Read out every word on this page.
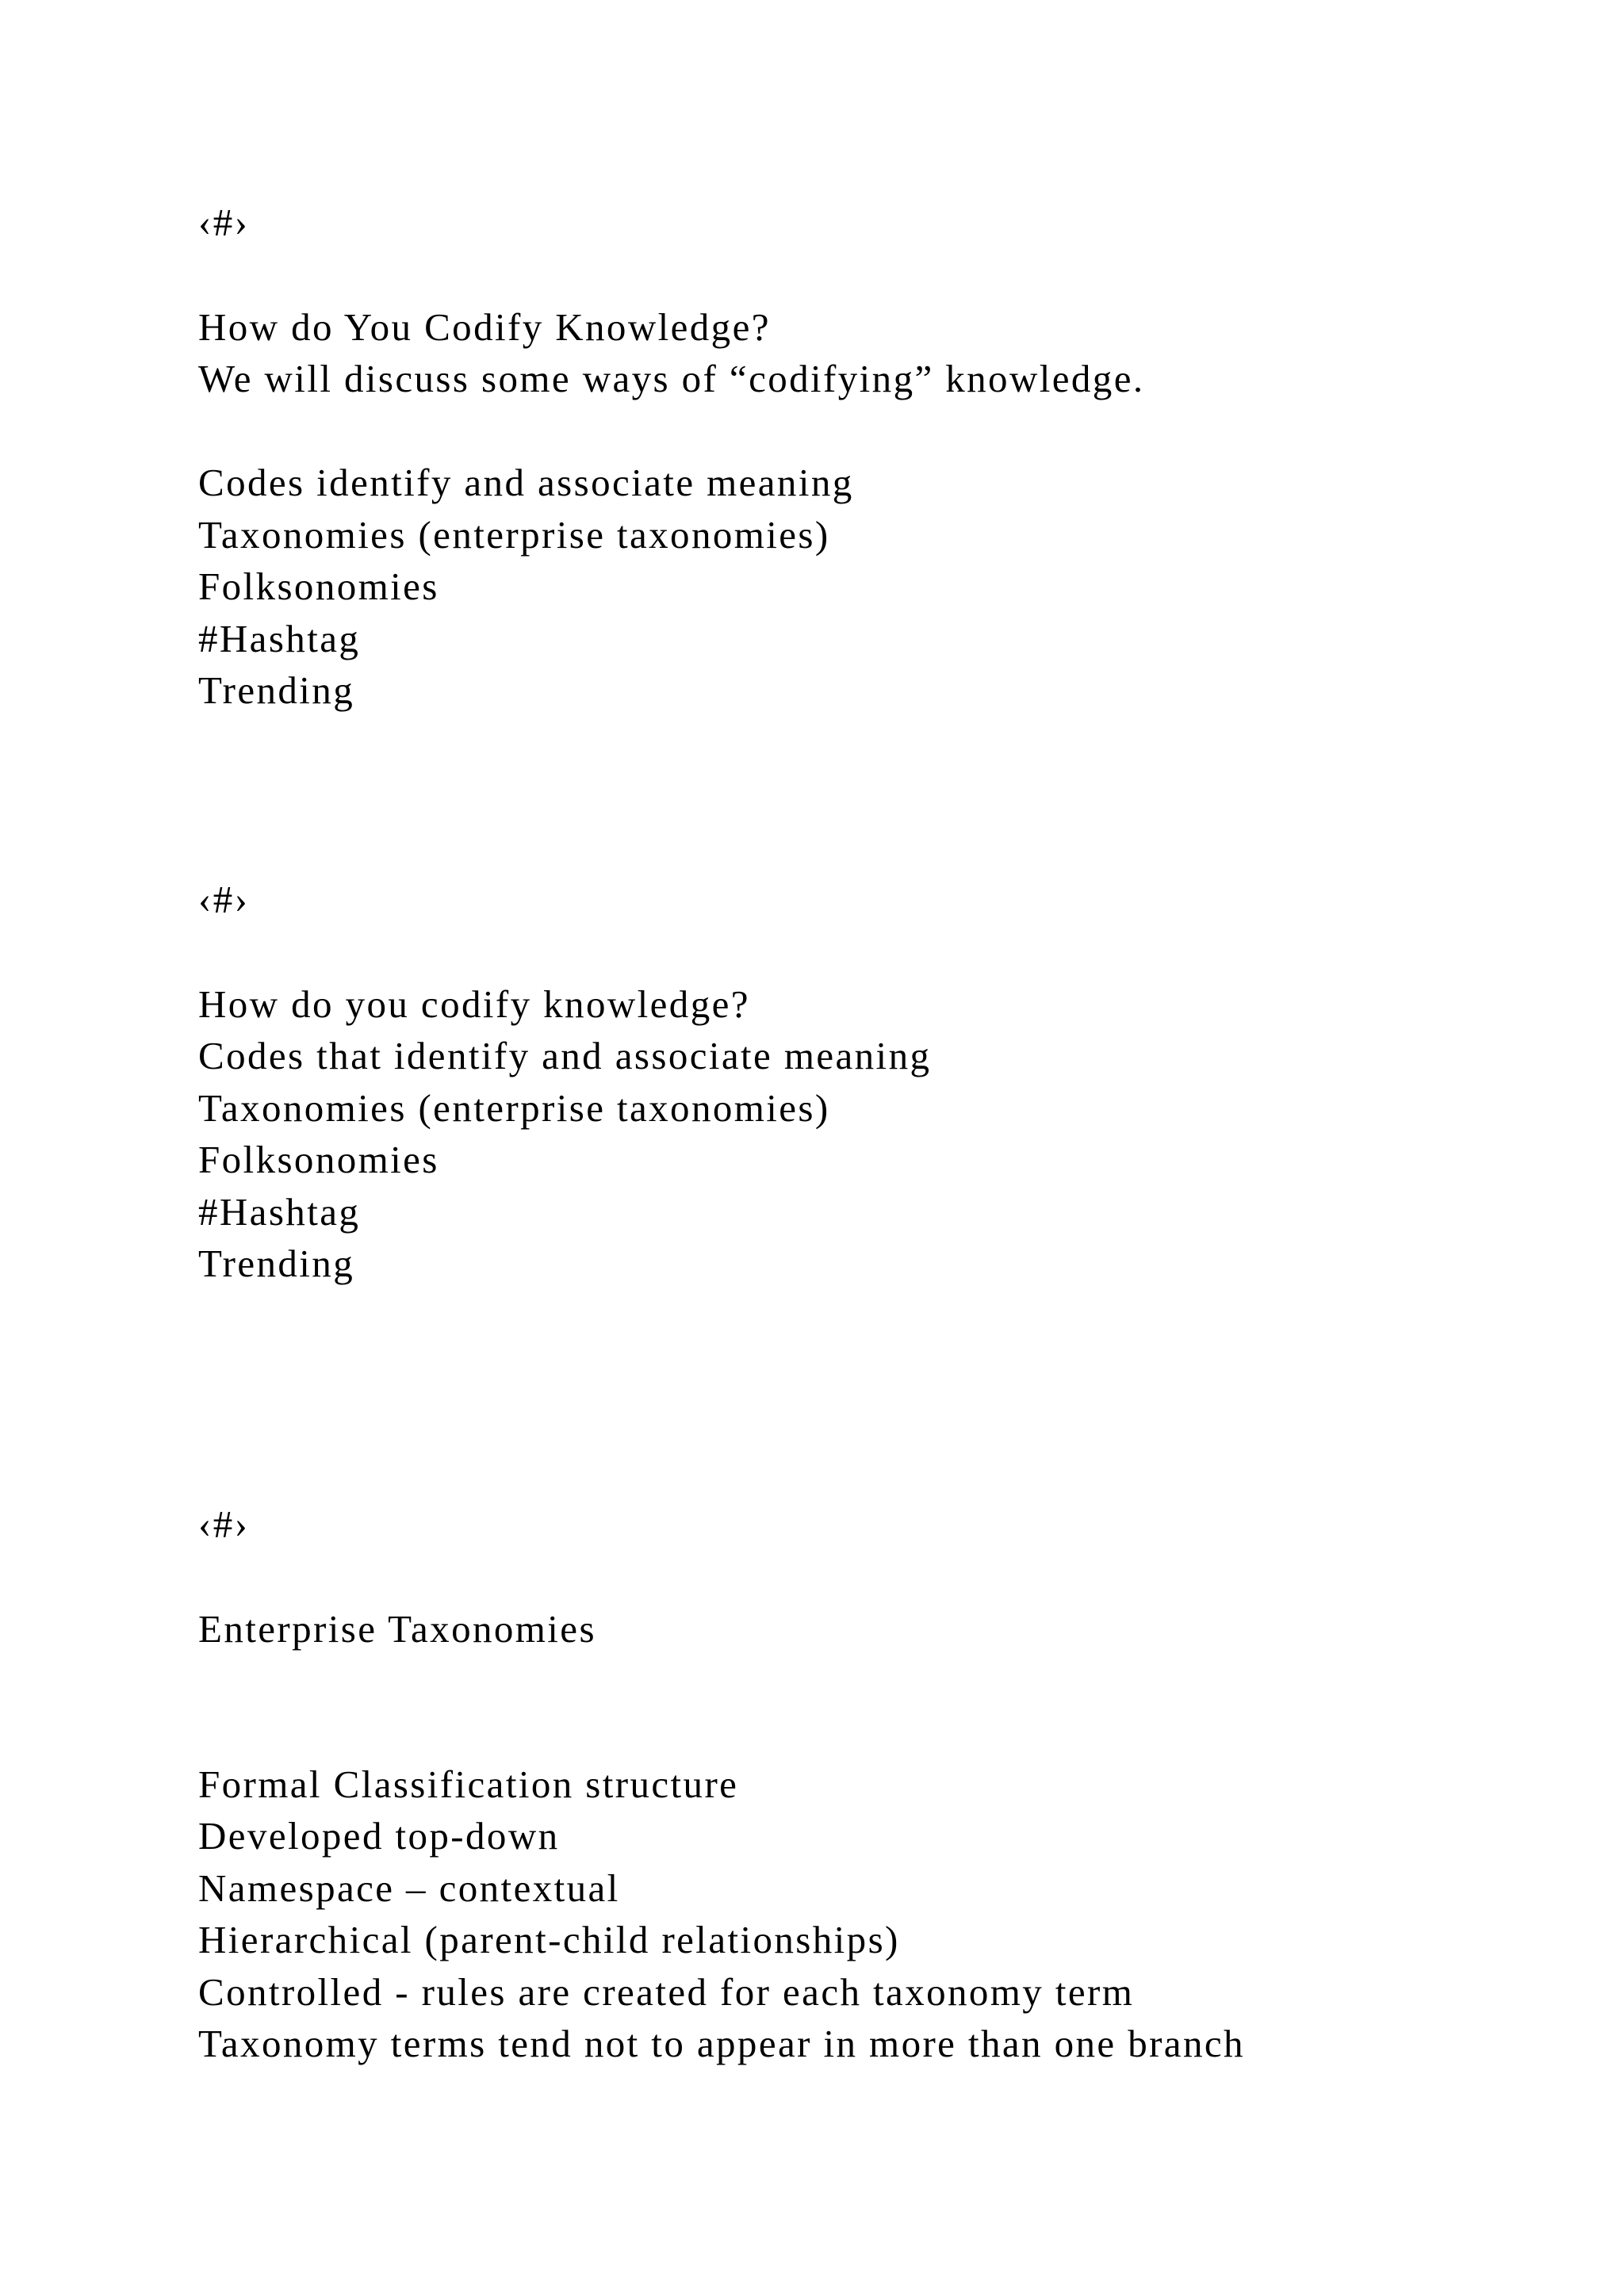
‹#›
How do You Codify Knowledge?
We will discuss some ways of “codifying” knowledge.
Codes identify and associate meaning
Taxonomies (enterprise taxonomies)
Folksonomies
#Hashtag
Trending
‹#›
How do you codify knowledge?
Codes that identify and associate meaning
Taxonomies (enterprise taxonomies)
Folksonomies
#Hashtag
Trending
‹#›
Enterprise Taxonomies
Formal Classification structure
Developed top-down
Namespace – contextual
Hierarchical (parent-child relationships)
Controlled - rules are created for each taxonomy term
Taxonomy terms tend not to appear in more than one branch
